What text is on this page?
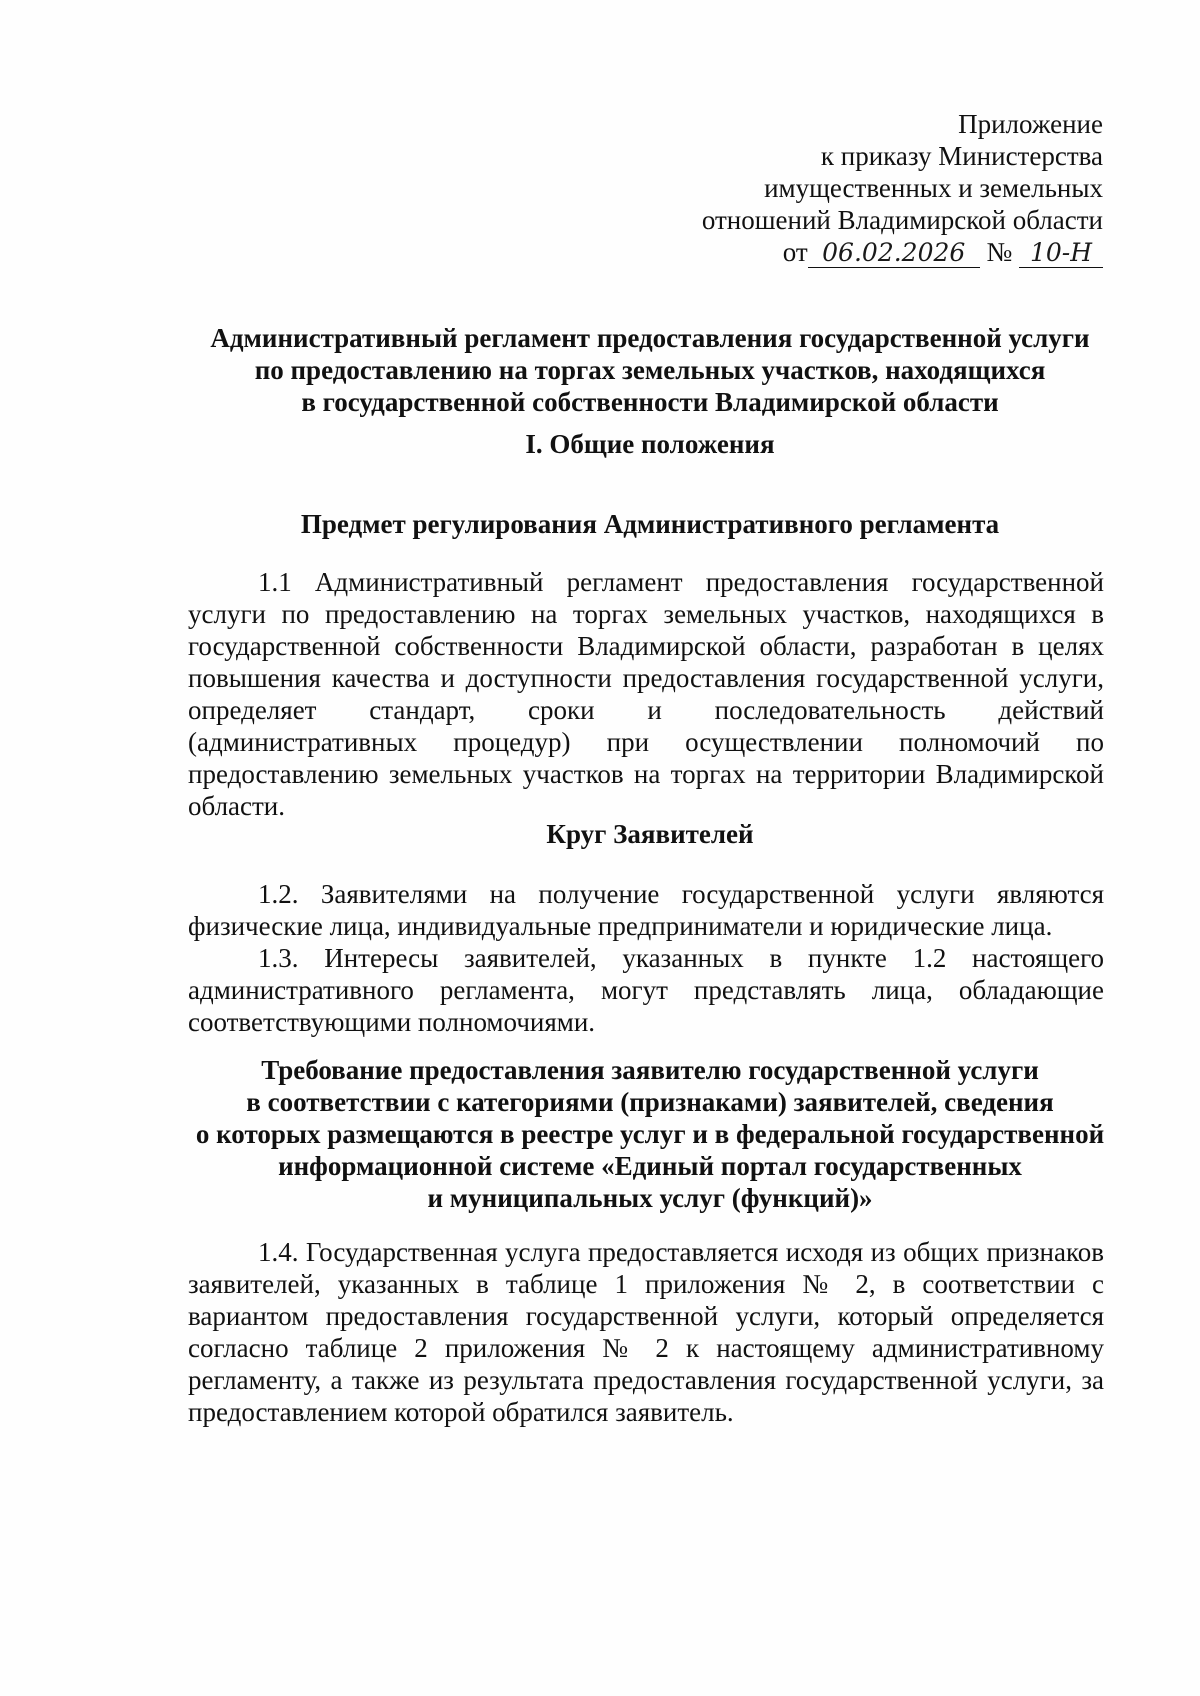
Приложение
к приказу Министерства
имущественных и земельных
отношений Владимирской области
от 06.02.2026 № 10-Н
Административный регламент предоставления государственной услуги
по предоставлению на торгах земельных участков, находящихся
в государственной собственности Владимирской области
I. Общие положения
Предмет регулирования Административного регламента

1.1 Административный регламент предоставления государственной услуги по предоставлению на торгах земельных участков, находящихся в государственной собственности Владимирской области, разработан в целях повышения качества и доступности предоставления государственной услуги, определяет стандарт, сроки и последовательность действий (административных процедур) при осуществлении полномочий по предоставлению земельных участков на торгах на территории Владимирской области.

Круг Заявителей

1.2. Заявителями на получение государственной услуги являются физические лица, индивидуальные предприниматели и юридические лица.

1.3. Интересы заявителей, указанных в пункте 1.2 настоящего административного регламента, могут представлять лица, обладающие соответствующими полномочиями.

Требование предоставления заявителю государственной услуги
в соответствии с категориями (признаками) заявителей, сведения
о которых размещаются в реестре услуг и в федеральной государственной
информационной системе «Единый портал государственных
и муниципальных услуг (функций)»

1.4. Государственная услуга предоставляется исходя из общих признаков заявителей, указанных в таблице 1 приложения № 2, в соответствии с вариантом предоставления государственной услуги, который определяется согласно таблице 2 приложения № 2 к настоящему административному регламенту, а также из результата предоставления государственной услуги, за предоставлением которой обратился заявитель.
